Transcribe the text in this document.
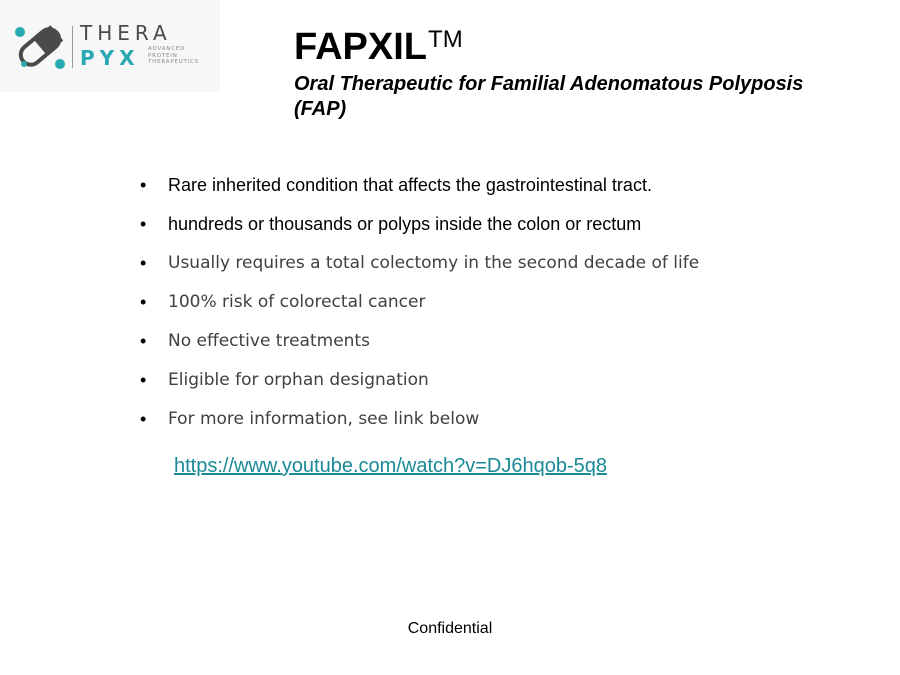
THERA
PYX ADVANCED
PROTEIN
THERAPEUTICS	FAPXIL™

Oral Therapeutic for Familial Adenomatous Polyposis (FAP)

• Rare inherited condition that affects the gastrointestinal tract.
• hundreds or thousands or polyps inside the colon or rectum
• Usually requires a total colectomy in the second decade of life
• 100% risk of colorectal cancer
• No effective treatments
• Eligible for orphan designation
• For more information, see link below
https://www.youtube.com/watch?v=DJ6hqob-5q8
Confidential
